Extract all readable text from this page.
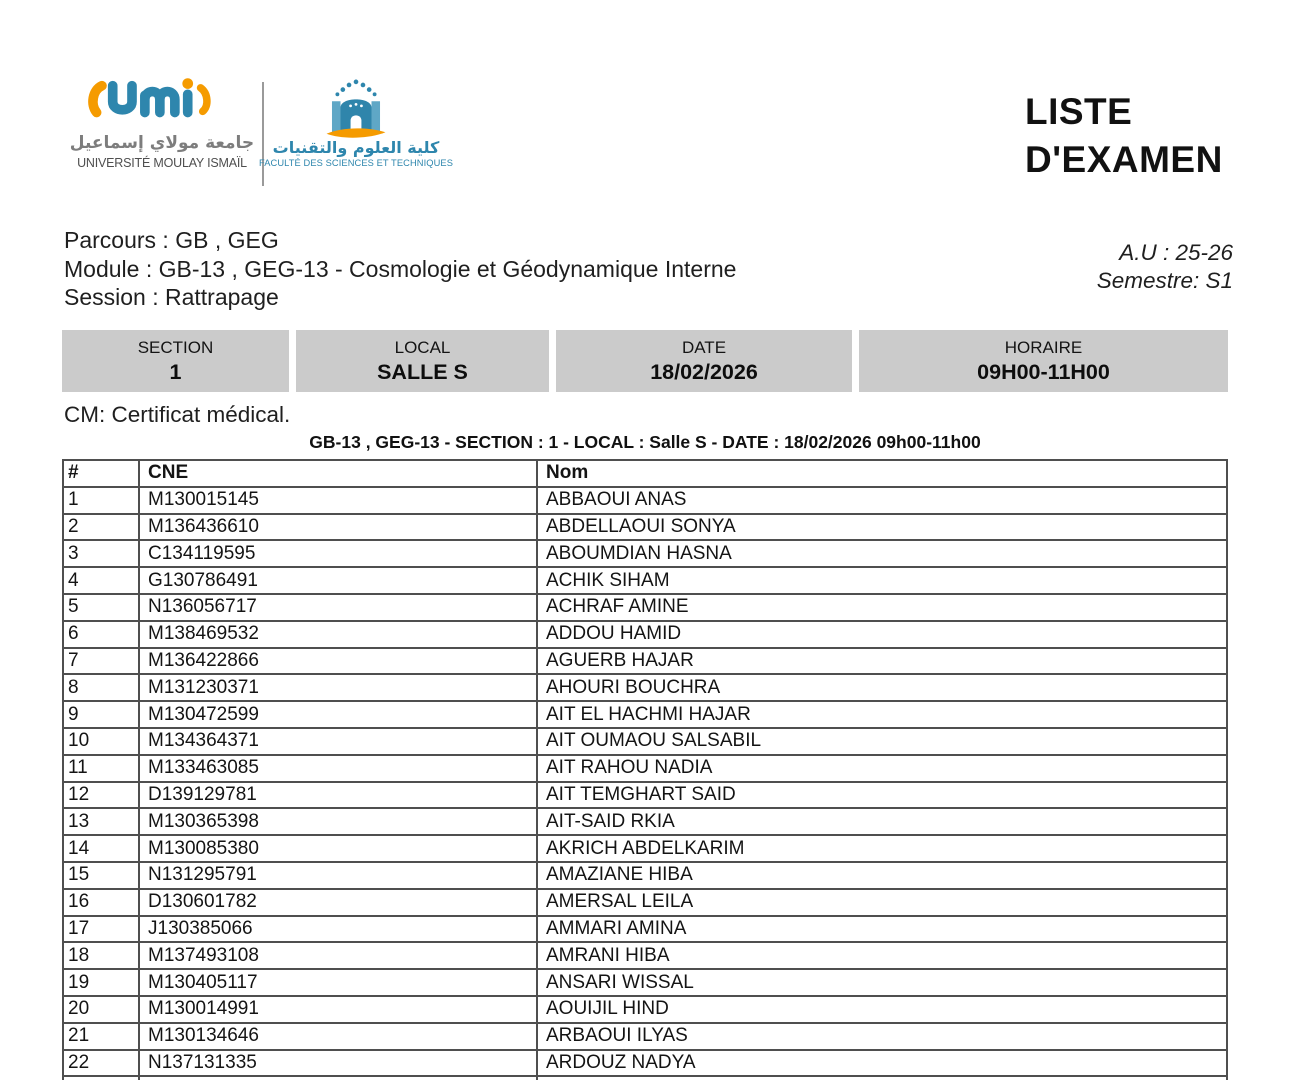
جامعة مولاي إسماعيل
UNIVERSITÉ MOULAY ISMAÏL
كلية العلوم والتقنيات
FACULTÉ DES SCIENCES ET TECHNIQUES
LISTE
D'EXAMEN
Parcours : GB , GEG
Module : GB-13 , GEG-13 - Cosmologie et Géodynamique Interne
Session : Rattrapage
A.U : 25-26
Semestre: S1
SECTION
1
LOCAL
SALLE S
DATE
18/02/2026
HORAIRE
09H00-11H00
CM: Certificat médical.
GB-13 , GEG-13 - SECTION : 1 - LOCAL : Salle S - DATE : 18/02/2026 09h00-11h00
#	CNE	Nom
1	M130015145	ABBAOUI ANAS
2	M136436610	ABDELLAOUI SONYA
3	C134119595	ABOUMDIAN HASNA
4	G130786491	ACHIK SIHAM
5	N136056717	ACHRAF AMINE
6	M138469532	ADDOU HAMID
7	M136422866	AGUERB HAJAR
8	M131230371	AHOURI BOUCHRA
9	M130472599	AIT EL HACHMI HAJAR
10	M134364371	AIT OUMAOU SALSABIL
11	M133463085	AIT RAHOU NADIA
12	D139129781	AIT TEMGHART SAID
13	M130365398	AIT-SAID RKIA
14	M130085380	AKRICH ABDELKARIM
15	N131295791	AMAZIANE HIBA
16	D130601782	AMERSAL LEILA
17	J130385066	AMMARI AMINA
18	M137493108	AMRANI HIBA
19	M130405117	ANSARI WISSAL
20	M130014991	AOUIJIL HIND
21	M130134646	ARBAOUI ILYAS
22	N137131335	ARDOUZ NADYA
